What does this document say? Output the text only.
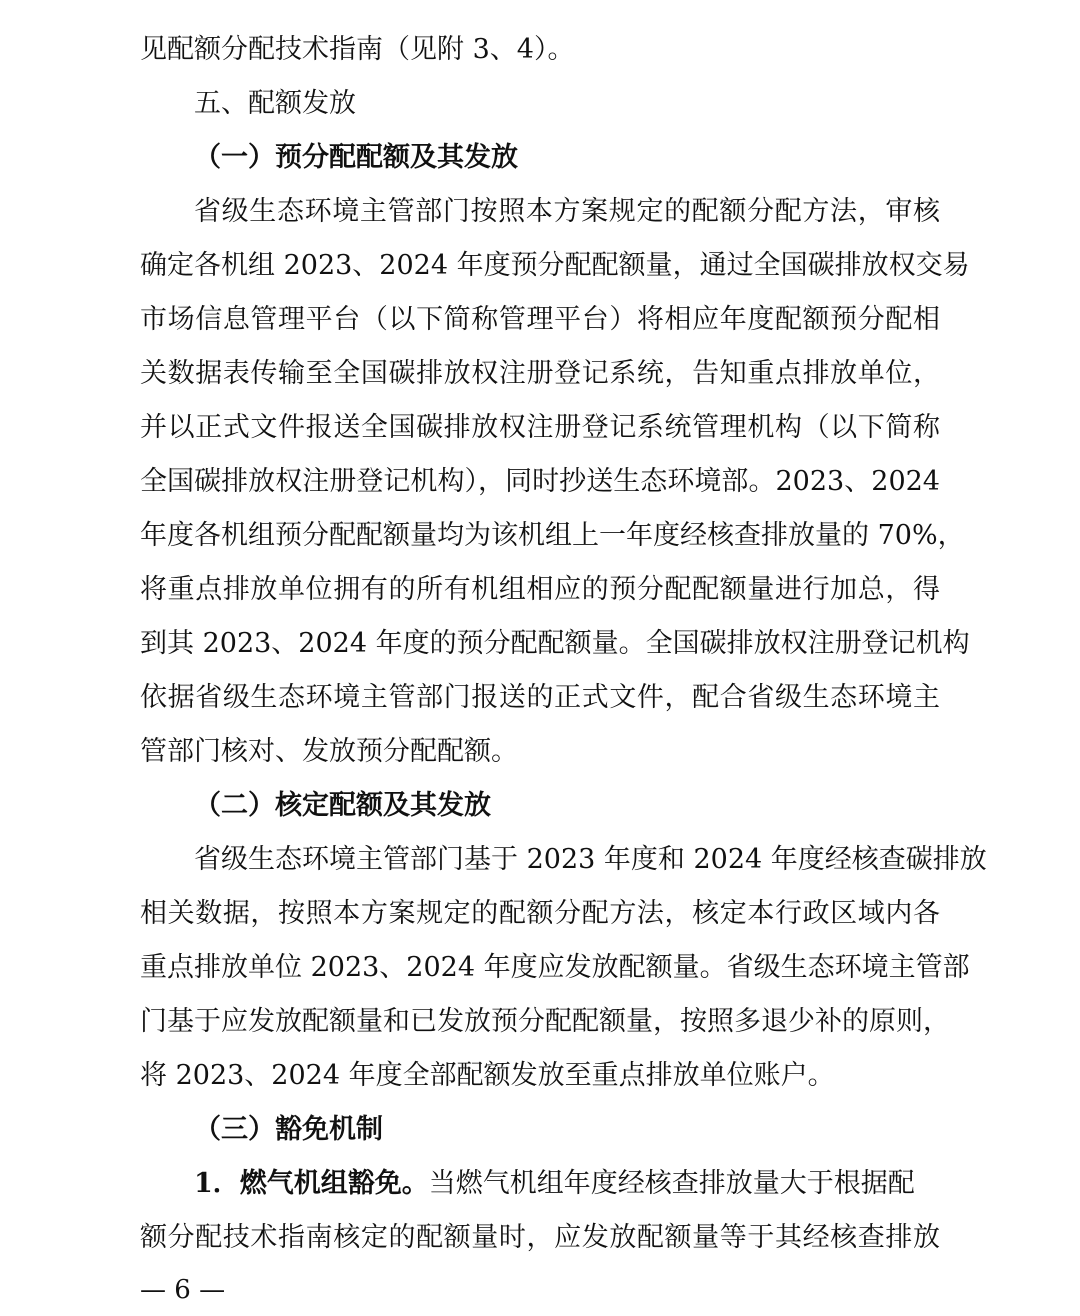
见配额分配技术指南（见附 3、4）。
五、配额发放
（一）预分配配额及其发放
省级生态环境主管部门按照本方案规定的配额分配方法，审核
确定各机组 2023、2024 年度预分配配额量，通过全国碳排放权交易
市场信息管理平台（以下简称管理平台）将相应年度配额预分配相
关数据表传输至全国碳排放权注册登记系统，告知重点排放单位，
并以正式文件报送全国碳排放权注册登记系统管理机构（以下简称
全国碳排放权注册登记机构），同时抄送生态环境部。2023、2024
年度各机组预分配配额量均为该机组上一年度经核查排放量的 70%，
将重点排放单位拥有的所有机组相应的预分配配额量进行加总，得
到其 2023、2024 年度的预分配配额量。全国碳排放权注册登记机构
依据省级生态环境主管部门报送的正式文件，配合省级生态环境主
管部门核对、发放预分配配额。
（二）核定配额及其发放
省级生态环境主管部门基于 2023 年度和 2024 年度经核查碳排放
相关数据，按照本方案规定的配额分配方法，核定本行政区域内各
重点排放单位 2023、2024 年度应发放配额量。省级生态环境主管部
门基于应发放配额量和已发放预分配配额量，按照多退少补的原则，
将 2023、2024 年度全部配额发放至重点排放单位账户。
（三）豁免机制
1．燃气机组豁免。当燃气机组年度经核查排放量大于根据配
额分配技术指南核定的配额量时，应发放配额量等于其经核查排放
— 6 —
